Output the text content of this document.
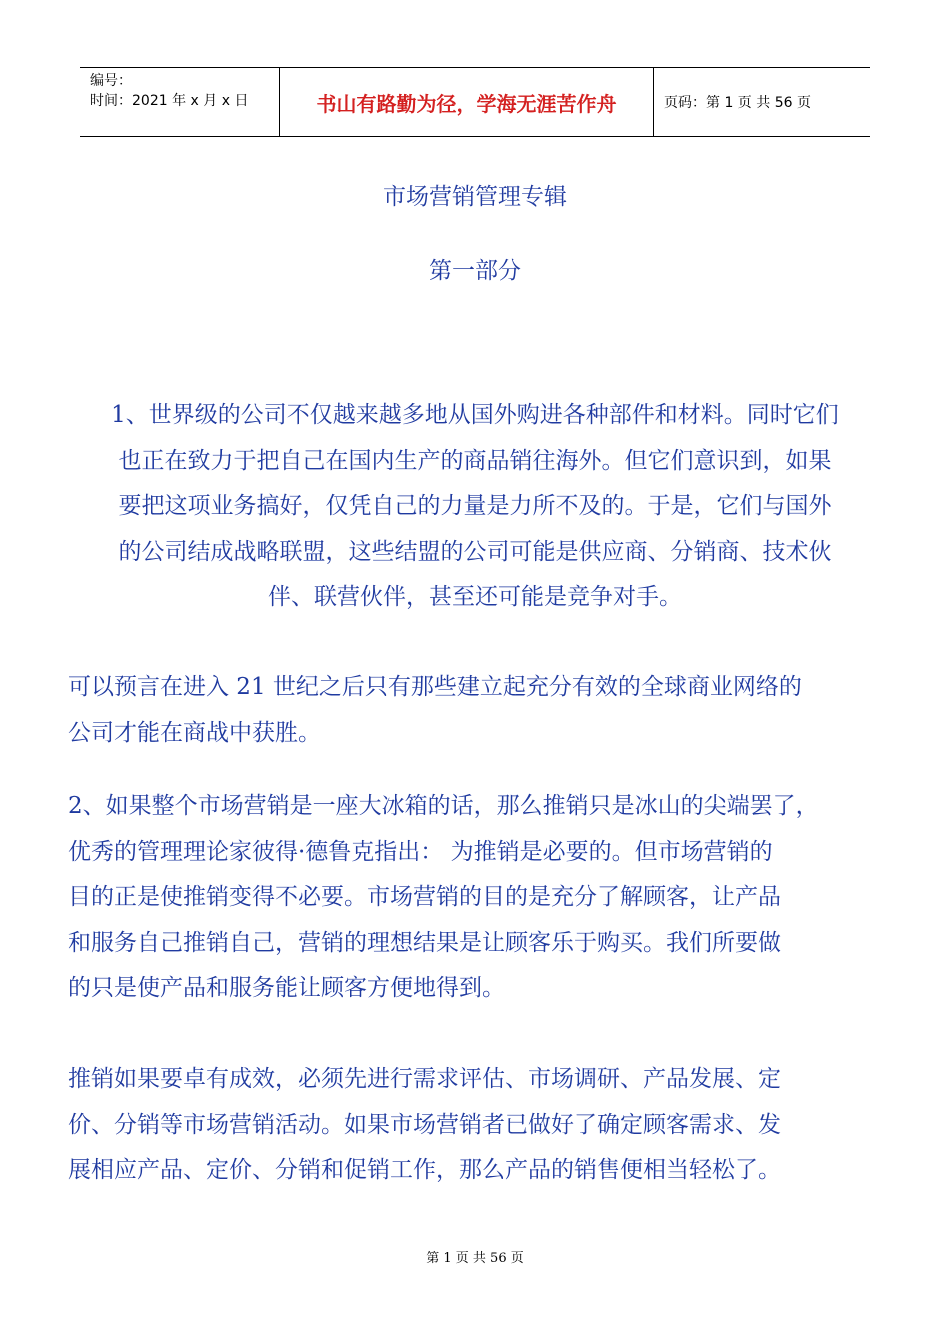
编号：
时间：2021 年 x 月 x 日	书山有路勤为径，学海无涯苦作舟	页码：第 1 页 共 56 页
市场营销管理专辑
第一部分
1、世界级的公司不仅越来越多地从国外购进各种部件和材料。同时它们
也正在致力于把自己在国内生产的商品销往海外。但它们意识到，如果
要把这项业务搞好，仅凭自己的力量是力所不及的。于是，它们与国外
的公司结成战略联盟，这些结盟的公司可能是供应商、分销商、技术伙
伴、联营伙伴，甚至还可能是竞争对手。
可以预言在进入 21 世纪之后只有那些建立起充分有效的全球商业网络的
公司才能在商战中获胜。
2、如果整个市场营销是一座大冰箱的话，那么推销只是冰山的尖端罢了，
优秀的管理理论家彼得·德鲁克指出： 为推销是必要的。但市场营销的
目的正是使推销变得不必要。市场营销的目的是充分了解顾客，让产品
和服务自己推销自己，营销的理想结果是让顾客乐于购买。我们所要做
的只是使产品和服务能让顾客方便地得到。
推销如果要卓有成效，必须先进行需求评估、市场调研、产品发展、定
价、分销等市场营销活动。如果市场营销者已做好了确定顾客需求、发
展相应产品、定价、分销和促销工作，那么产品的销售便相当轻松了。
第 1 页 共 56 页
